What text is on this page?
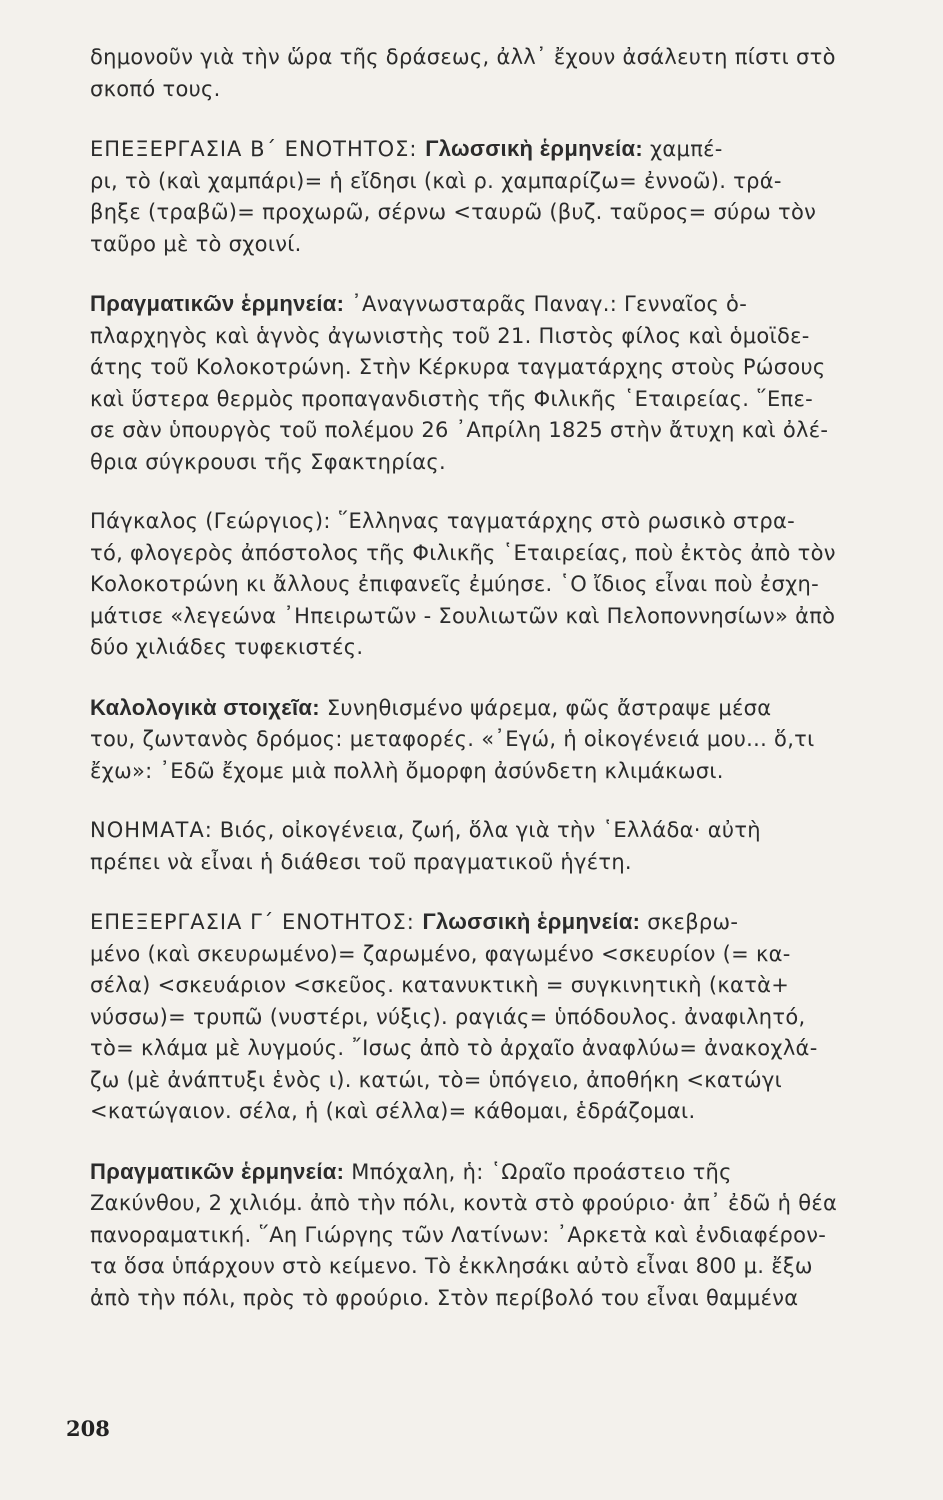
δημονοῦν γιὰ τὴν ὥρα τῆς δράσεως, ἀλλ᾽ ἔχουν ἀσάλευτη πίστι στὸ
σκοπό τους.
ΕΠΕΞΕΡΓΑΣΙΑ Β΄ ΕΝΟΤΗΤΟΣ: Γλωσσικὴ ἑρμηνεία: χαμπέ-
ρι, τὸ (καὶ χαμπάρι)= ἡ εἴδησι (καὶ ρ. χαμπαρίζω= ἐννοῶ). τρά-
βηξε (τραβῶ)= προχωρῶ, σέρνω <ταυρῶ (βυζ. ταῦρος= σύρω τὸν
ταῦρο μὲ τὸ σχοινί.
Πραγματικῶν ἑρμηνεία: ᾽Αναγνωσταρᾶς Παναγ.: Γενναῖος ὁ-
πλαρχηγὸς καὶ ἁγνὸς ἀγωνιστὴς τοῦ 21. Πιστὸς φίλος καὶ ὁμοϊδε-
άτης τοῦ Κολοκοτρώνη. Στὴν Κέρκυρα ταγματάρχης στοὺς Ρώσους
καὶ ὕστερα θερμὸς προπαγανδιστὴς τῆς Φιλικῆς ῾Εταιρείας. ῞Επε-
σε σὰν ὑπουργὸς τοῦ πολέμου 26 ᾽Απρίλη 1825 στὴν ἄτυχη καὶ ὀλέ-
θρια σύγκρουσι τῆς Σφακτηρίας.
Πάγκαλος (Γεώργιος): ῞Ελληνας ταγματάρχης στὸ ρωσικὸ στρα-
τό, φλογερὸς ἀπόστολος τῆς Φιλικῆς ῾Εταιρείας, ποὺ ἐκτὸς ἀπὸ τὸν
Κολοκοτρώνη κι ἄλλους ἐπιφανεῖς ἐμύησε. ῾Ο ἴδιος εἶναι ποὺ ἐσχη-
μάτισε «λεγεώνα ᾽Ηπειρωτῶν - Σουλιωτῶν καὶ Πελοποννησίων» ἀπὸ
δύο χιλιάδες τυφεκιστές.
Καλολογικὰ στοιχεῖα: Συνηθισμένο ψάρεμα, φῶς ἄστραψε μέσα
του, ζωντανὸς δρόμος: μεταφορές. «᾽Εγώ, ἡ οἰκογένειά μου... ὅ,τι
ἔχω»: ᾽Εδῶ ἔχομε μιὰ πολλὴ ὄμορφη ἀσύνδετη κλιμάκωσι.
ΝΟΗΜΑΤΑ: Βιός, οἰκογένεια, ζωή, ὅλα γιὰ τὴν ῾Ελλάδα· αὐτὴ
πρέπει νὰ εἶναι ἡ διάθεσι τοῦ πραγματικοῦ ἡγέτη.
ΕΠΕΞΕΡΓΑΣΙΑ Γ΄ ΕΝΟΤΗΤΟΣ: Γλωσσικὴ ἑρμηνεία: σκεβρω-
μένο (καὶ σκευρωμένο)= ζαρωμένο, φαγωμένο <σκευρίον (= κα-
σέλα) <σκευάριον <σκεῦος. κατανυκτικὴ = συγκινητικὴ (κατὰ+
νύσσω)= τρυπῶ (νυστέρι, νύξις). ραγιάς= ὑπόδουλος. ἀναφιλητό,
τὸ= κλάμα μὲ λυγμούς. ῎Ισως ἀπὸ τὸ ἀρχαῖο ἀναφλύω= ἀνακοχλά-
ζω (μὲ ἀνάπτυξι ἑνὸς ι). κατώι, τὸ= ὑπόγειο, ἀποθήκη <κατώγι
<κατώγαιον. σέλα, ἡ (καὶ σέλλα)= κάθομαι, ἑδράζομαι.
Πραγματικῶν ἑρμηνεία: Μπόχαλη, ἡ: ῾Ωραῖο προάστειο τῆς
Ζακύνθου, 2 χιλιόμ. ἀπὸ τὴν πόλι, κοντὰ στὸ φρούριο· ἀπ᾽ ἐδῶ ἡ θέα
πανοραματική. ῞Αη Γιώργης τῶν Λατίνων: ᾽Αρκετὰ καὶ ἐνδιαφέρον-
τα ὅσα ὑπάρχουν στὸ κείμενο. Τὸ ἐκκλησάκι αὐτὸ εἶναι 800 μ. ἔξω
ἀπὸ τὴν πόλι, πρὸς τὸ φρούριο. Στὸν περίβολό του εἶναι θαμμένα
208
